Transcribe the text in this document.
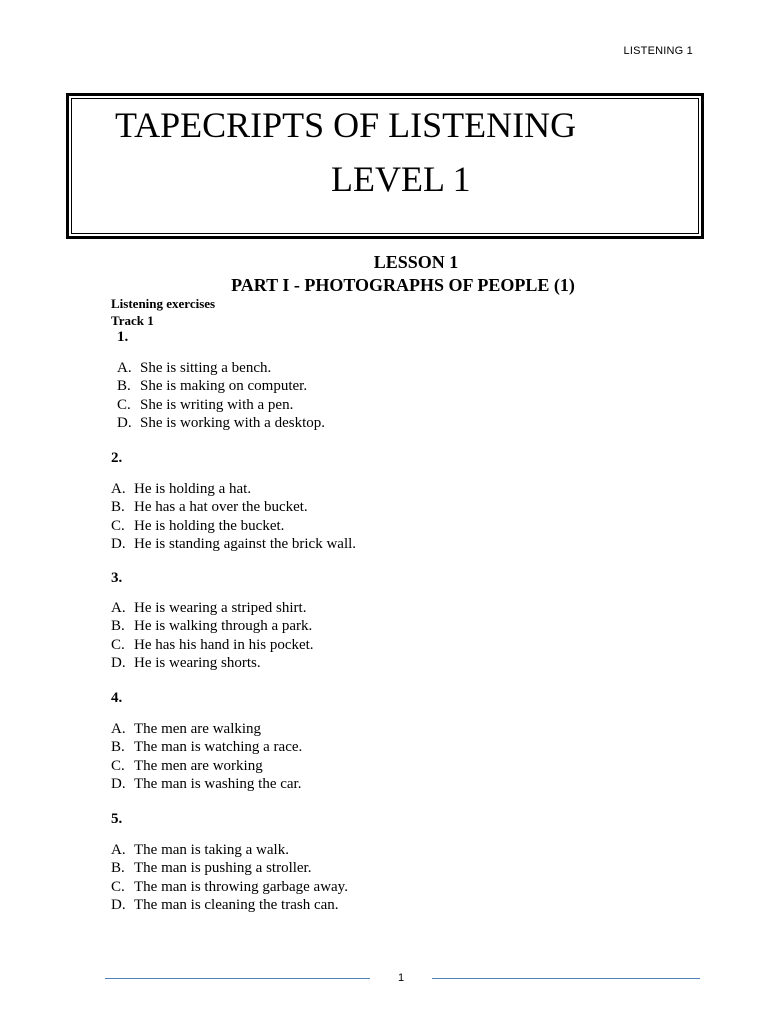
LISTENING 1
TAPECRIPTS OF LISTENING
LEVEL 1
LESSON 1
PART I - PHOTOGRAPHS OF PEOPLE (1)
Listening exercises
Track 1
1.
A. She is sitting a bench.
B. She is making on computer.
C. She is writing with a pen.
D. She is working with a desktop.
2.
A. He is holding a hat.
B. He has a hat over the bucket.
C. He is holding the bucket.
D. He is standing against the brick wall.
3.
A. He is wearing a striped shirt.
B. He is walking through a park.
C. He has his hand in his pocket.
D. He is wearing shorts.
4.
A. The men are walking
B. The man is watching a race.
C. The men are working
D. The man is washing the car.
5.
A. The man is taking a walk.
B. The man is pushing a stroller.
C. The man is throwing garbage away.
D. The man is cleaning the trash can.
1
